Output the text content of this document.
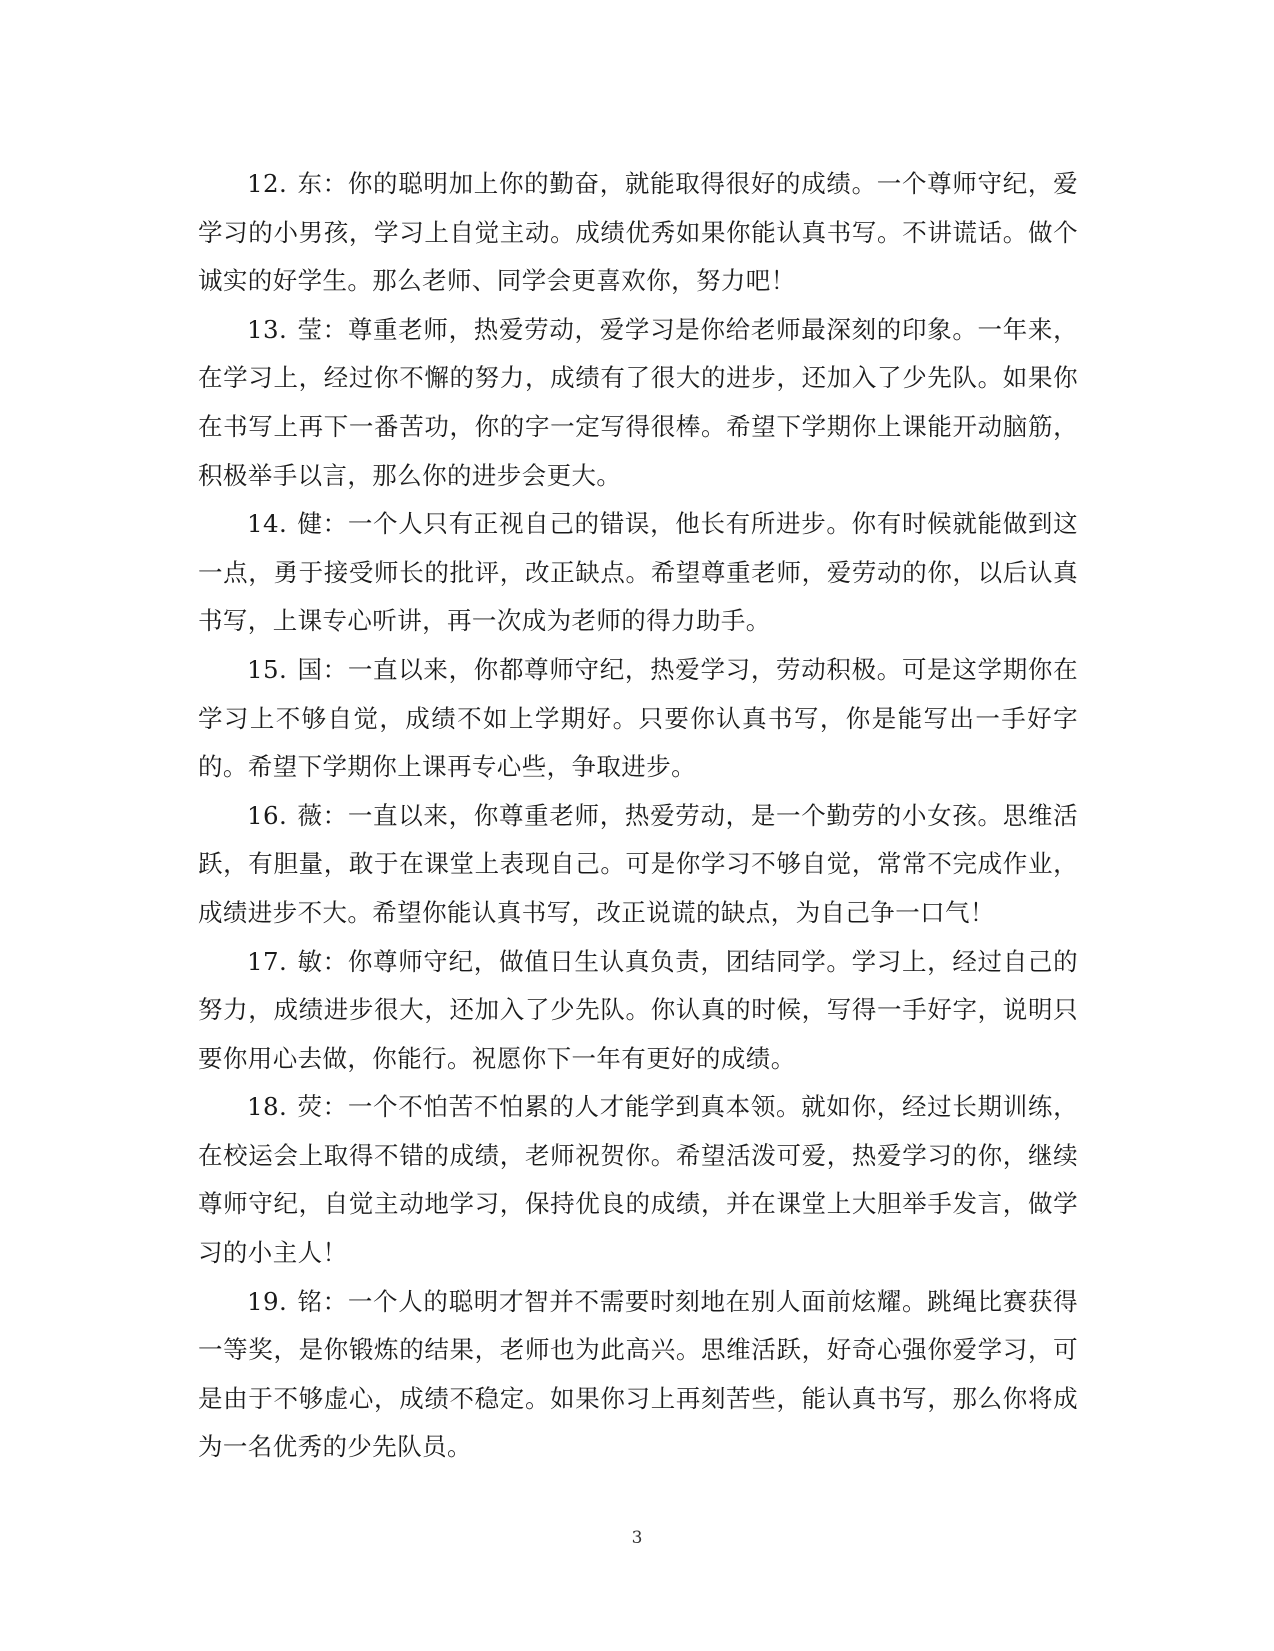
12. 东：你的聪明加上你的勤奋，就能取得很好的成绩。一个尊师守纪，爱学习的小男孩，学习上自觉主动。成绩优秀如果你能认真书写。不讲谎话。做个诚实的好学生。那么老师、同学会更喜欢你，努力吧！

13. 莹：尊重老师，热爱劳动，爱学习是你给老师最深刻的印象。一年来，在学习上，经过你不懈的努力，成绩有了很大的进步，还加入了少先队。如果你在书写上再下一番苦功，你的字一定写得很棒。希望下学期你上课能开动脑筋，积极举手以言，那么你的进步会更大。

14. 健：一个人只有正视自己的错误，他长有所进步。你有时候就能做到这一点，勇于接受师长的批评，改正缺点。希望尊重老师，爱劳动的你，以后认真书写，上课专心听讲，再一次成为老师的得力助手。

15. 国：一直以来，你都尊师守纪，热爱学习，劳动积极。可是这学期你在学习上不够自觉，成绩不如上学期好。只要你认真书写，你是能写出一手好字的。希望下学期你上课再专心些，争取进步。

16. 薇：一直以来，你尊重老师，热爱劳动，是一个勤劳的小女孩。思维活跃，有胆量，敢于在课堂上表现自己。可是你学习不够自觉，常常不完成作业，成绩进步不大。希望你能认真书写，改正说谎的缺点，为自己争一口气！

17. 敏：你尊师守纪，做值日生认真负责，团结同学。学习上，经过自己的努力，成绩进步很大，还加入了少先队。你认真的时候，写得一手好字，说明只要你用心去做，你能行。祝愿你下一年有更好的成绩。

18. 荧：一个不怕苦不怕累的人才能学到真本领。就如你，经过长期训练，在校运会上取得不错的成绩，老师祝贺你。希望活泼可爱，热爱学习的你，继续尊师守纪，自觉主动地学习，保持优良的成绩，并在课堂上大胆举手发言，做学习的小主人！

19. 铭：一个人的聪明才智并不需要时刻地在别人面前炫耀。跳绳比赛获得一等奖，是你锻炼的结果，老师也为此高兴。思维活跃，好奇心强你爱学习，可是由于不够虚心，成绩不稳定。如果你习上再刻苦些，能认真书写，那么你将成为一名优秀的少先队员。

3
